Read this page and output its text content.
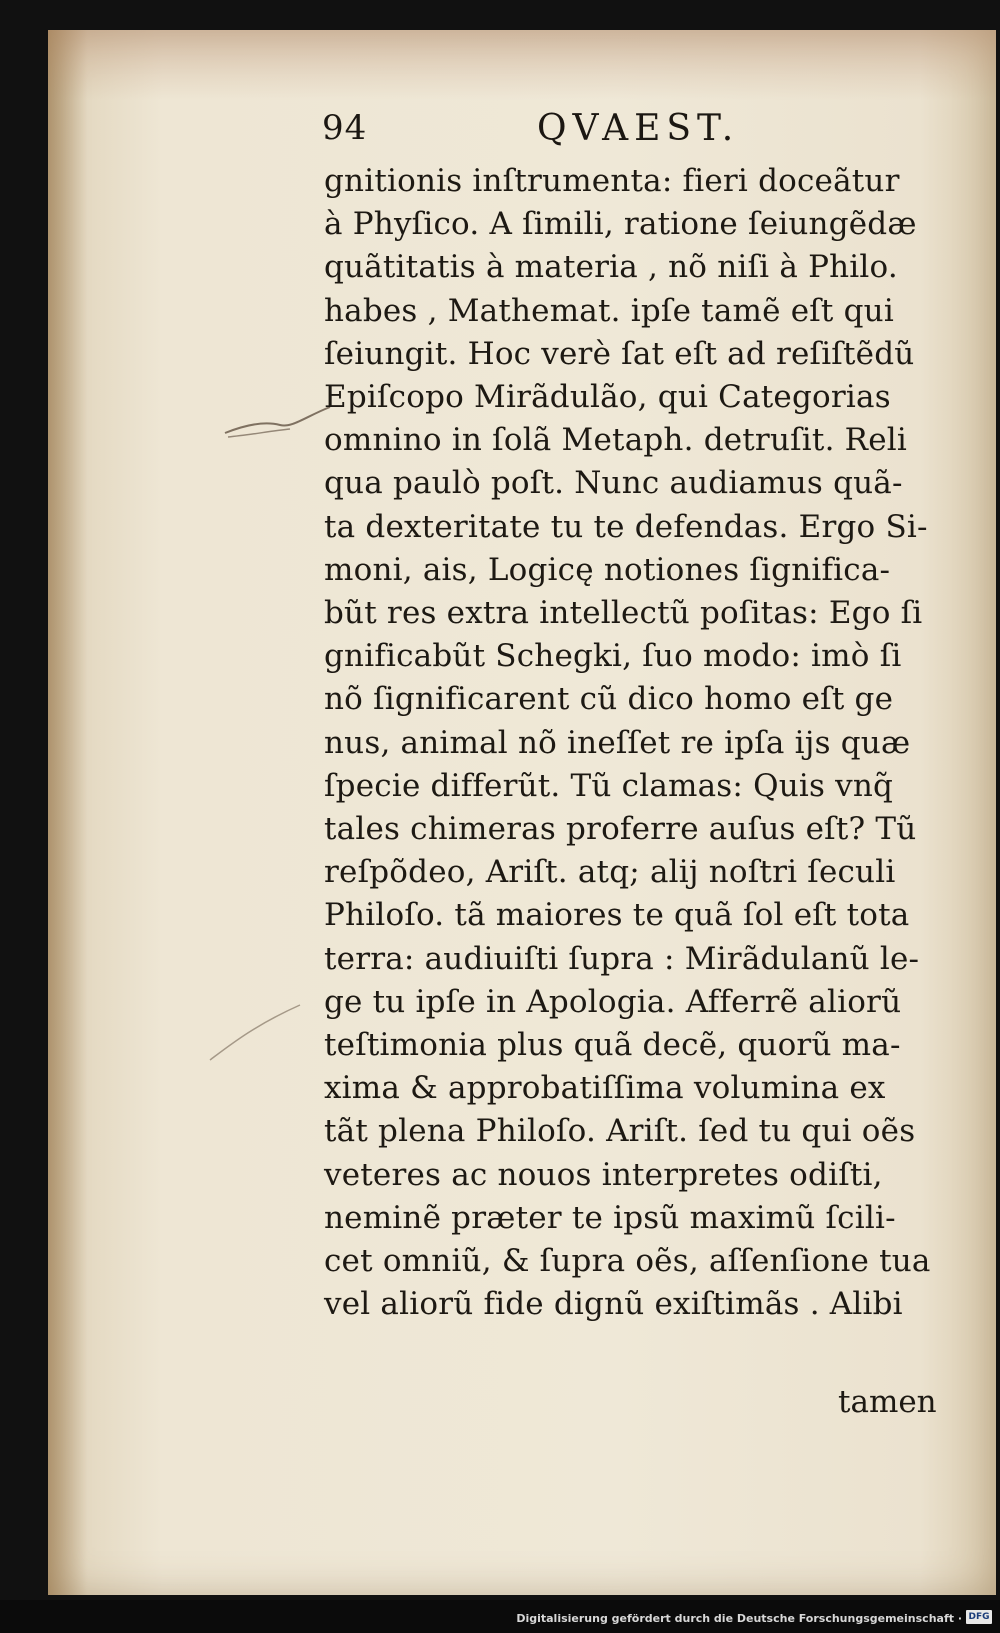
94	QVAEST.
gnitionis inſtrumenta: fieri doceãtur
à Phyſico. A ſimili, ratione ſeiungẽdæ
quãtitatis à materia , nõ niſi à Philo.
habes , Mathemat. ipſe tamẽ eſt qui
ſeiungit. Hoc verè ſat eſt ad reſiſtẽdũ
Epiſcopo Mirãdulão, qui Categorias
omnino in ſolã Metaph. detruſit. Reli
qua paulò poſt. Nunc audiamus quã-
ta dexteritate tu te defendas. Ergo Si-
moni, ais, Logicę notiones ſignifica-
bũt res extra intellectũ poſitas: Ego ſi
gnificabũt Schegki, ſuo modo: imò ſi
nõ ſignificarent cũ dico homo eſt ge
nus, animal nõ ineſſet re ipſa ijs quæ
ſpecie differũt. Tũ clamas: Quis vnq̃
tales chimeras proferre auſus eſt? Tũ
reſpõdeo, Ariſt. atq; alij noſtri ſeculi
Philoſo. tã maiores te quã ſol eſt tota
terra: audiuiſti ſupra : Mirãdulanũ le-
ge tu ipſe in Apologia. Afferrẽ aliorũ
teſtimonia plus quã decẽ, quorũ ma-
xima & approbatiſſima volumina ex
tãt plena Philoſo. Ariſt. ſed tu qui oẽs
veteres ac nouos interpretes odiſti,
neminẽ præter te ipsũ maximũ ſcili-
cet omniũ, & ſupra oẽs, aſſenſione tua
vel aliorũ fide dignũ exiſtimãs . Alibi
tamen
Digitalisierung gefördert durch die Deutsche Forschungsgemeinschaft · DFG
